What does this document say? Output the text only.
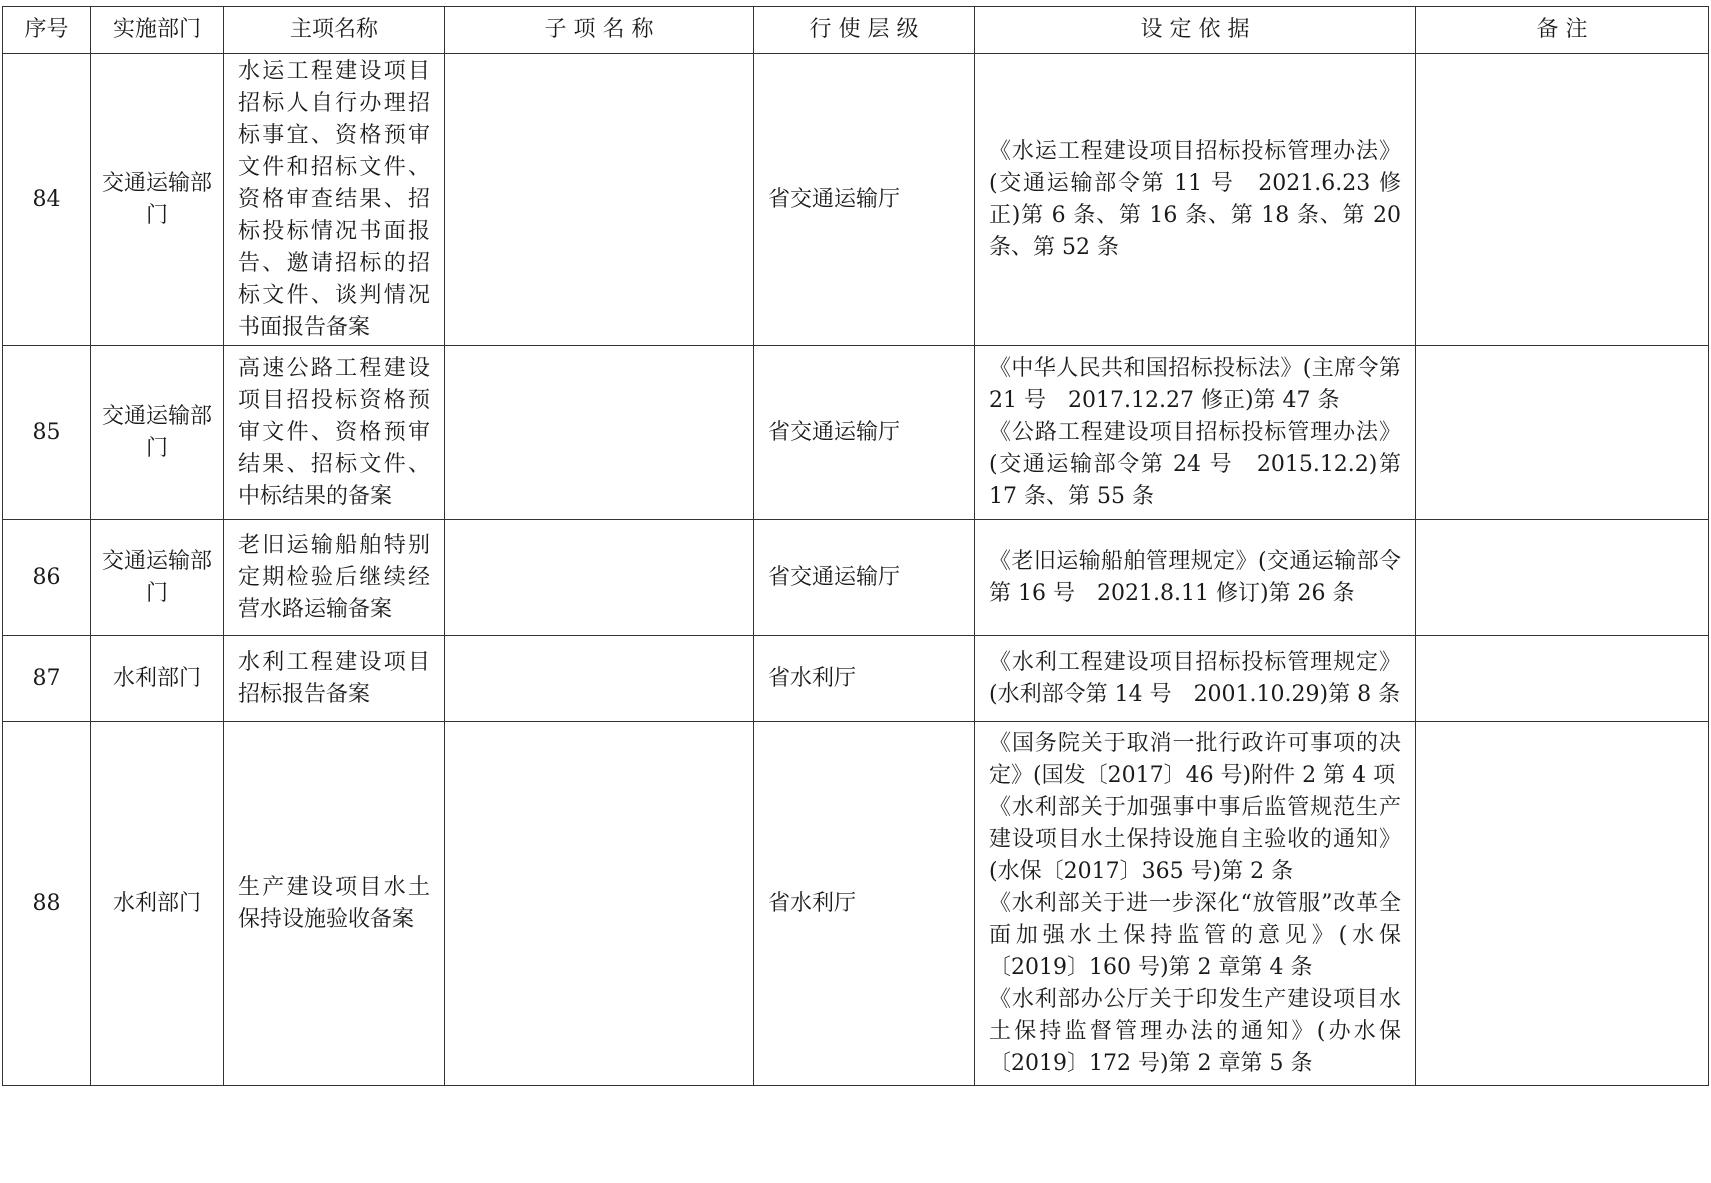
序号	实施部门	主项名称	子 项 名 称	行 使 层 级	设 定 依 据	备 注
84	交通运输部门	水运工程建设项目招标人自行办理招标事宜、资格预审文件和招标文件、资格审查结果、招标投标情况书面报告、邀请招标的招标文件、谈判情况书面报告备案		省交通运输厅	《水运工程建设项目招标投标管理办法》(交通运输部令第 11 号　2021.6.23 修正)第 6 条、第 16 条、第 18 条、第 20 条、第 52 条	

85	交通运输部门	高速公路工程建设项目招投标资格预审文件、资格预审结果、招标文件、中标结果的备案		省交通运输厅	《中华人民共和国招标投标法》(主席令第 21 号　2017.12.27 修正)第 47 条
《公路工程建设项目招标投标管理办法》(交通运输部令第 24 号　2015.12.2)第 17 条、第 55 条	

86	交通运输部门	老旧运输船舶特别定期检验后继续经营水路运输备案		省交通运输厅	《老旧运输船舶管理规定》(交通运输部令第 16 号　2021.8.11 修订)第 26 条	

87	水利部门	水利工程建设项目招标报告备案		省水利厅	《水利工程建设项目招标投标管理规定》(水利部令第 14 号　2001.10.29)第 8 条	

88	水利部门	生产建设项目水土保持设施验收备案		省水利厅	《国务院关于取消一批行政许可事项的决定》(国发〔2017〕46 号)附件 2 第 4 项
《水利部关于加强事中事后监管规范生产建设项目水土保持设施自主验收的通知》(水保〔2017〕365 号)第 2 条
《水利部关于进一步深化“放管服”改革全面加强水土保持监管的意见》(水保〔2019〕160 号)第 2 章第 4 条
《水利部办公厅关于印发生产建设项目水土保持监督管理办法的通知》(办水保〔2019〕172 号)第 2 章第 5 条	
